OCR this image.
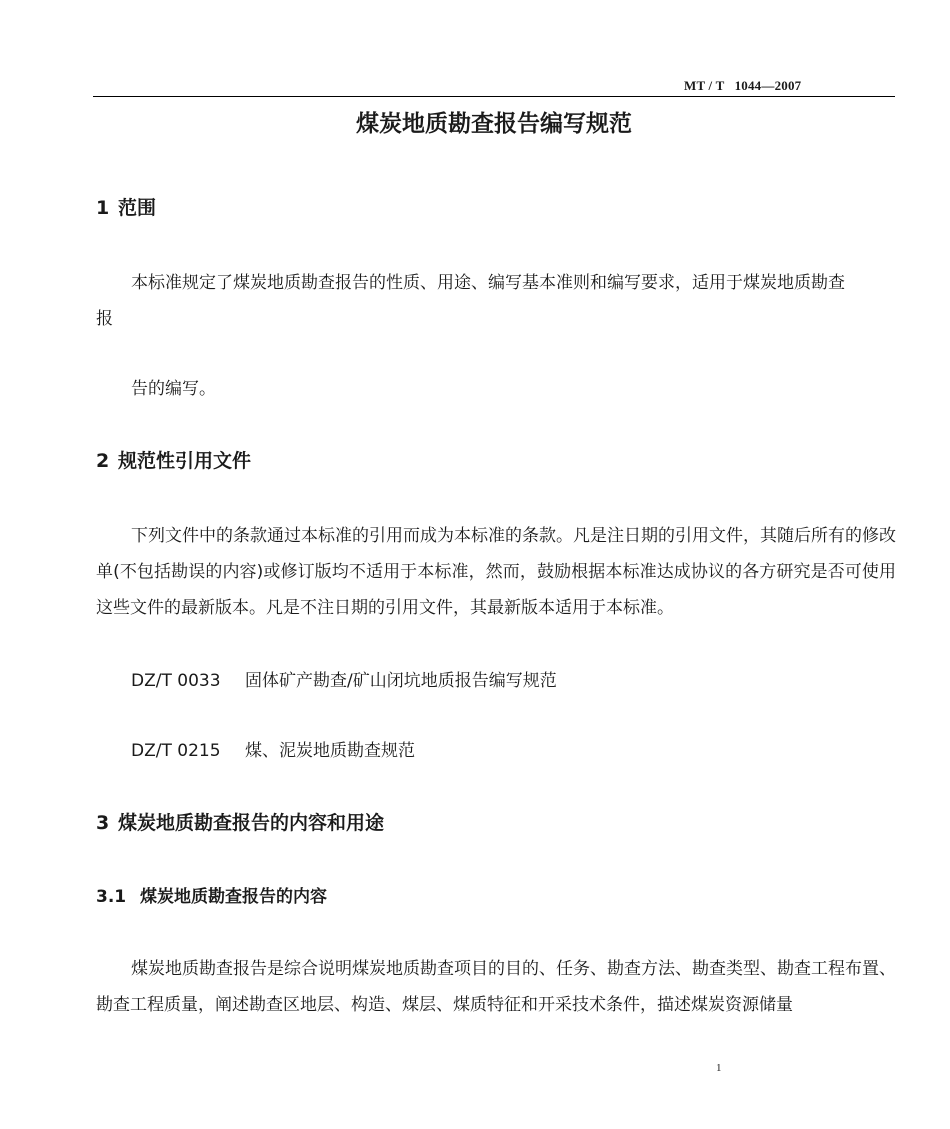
MT / T   1044—2007
煤炭地质勘查报告编写规范
1 范围
本标准规定了煤炭地质勘查报告的性质、用途、编写基本准则和编写要求，适用于煤炭地质勘查
报
告的编写。
2 规范性引用文件

下列文件中的条款通过本标准的引用而成为本标准的条款。凡是注日期的引用文件，其随后所有的修改单(不包括勘误的内容)或修订版均不适用于本标准，然而，鼓励根据本标准达成协议的各方研究是否可使用这些文件的最新版本。凡是不注日期的引用文件，其最新版本适用于本标准。

DZ/T 0033 固体矿产勘查/矿山闭坑地质报告编写规范
DZ/T 0215 煤、泥炭地质勘查规范
3 煤炭地质勘查报告的内容和用途
3.1 煤炭地质勘查报告的内容

煤炭地质勘查报告是综合说明煤炭地质勘查项目的目的、任务、勘查方法、勘查类型、勘查工程布置、勘查工程质量，阐述勘查区地层、构造、煤层、煤质特征和开采技术条件，描述煤炭资源储量

1
